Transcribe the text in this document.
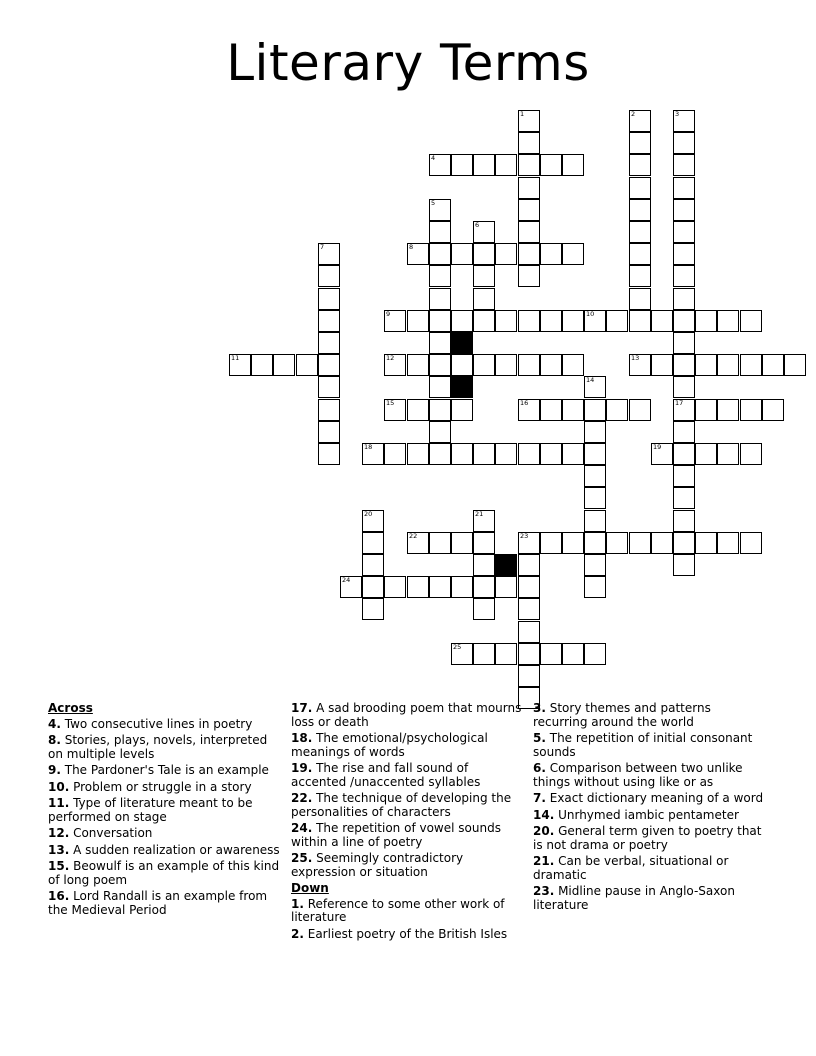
Literary Terms
1	2	3
17
4
5
6
7	8
9	10
11	12	13
14
15	16
18	19
20	21
22	23
24
25
Across
4. Two consecutive lines in poetry
8. Stories, plays, novels, interpreted on multiple levels
9. The Pardoner's Tale is an example
10. Problem or struggle in a story
11. Type of literature meant to be performed on stage
12. Conversation
13. A sudden realization or awareness
15. Beowulf is an example of this kind of long poem
16. Lord Randall is an example from the Medieval Period
17. A sad brooding poem that mourns loss or death
18. The emotional/psychological meanings of words
19. The rise and fall sound of accented /unaccented syllables
22. The technique of developing the personalities of characters
24. The repetition of vowel sounds within a line of poetry
25. Seemingly contradictory expression or situation
Down
1. Reference to some other work of literature
2. Earliest poetry of the British Isles
3. Story themes and patterns recurring around the world
5. The repetition of initial consonant sounds
6. Comparison between two unlike things without using like or as
7. Exact dictionary meaning of a word
14. Unrhymed iambic pentameter
20. General term given to poetry that is not drama or poetry
21. Can be verbal, situational or dramatic
23. Midline pause in Anglo-Saxon literature
